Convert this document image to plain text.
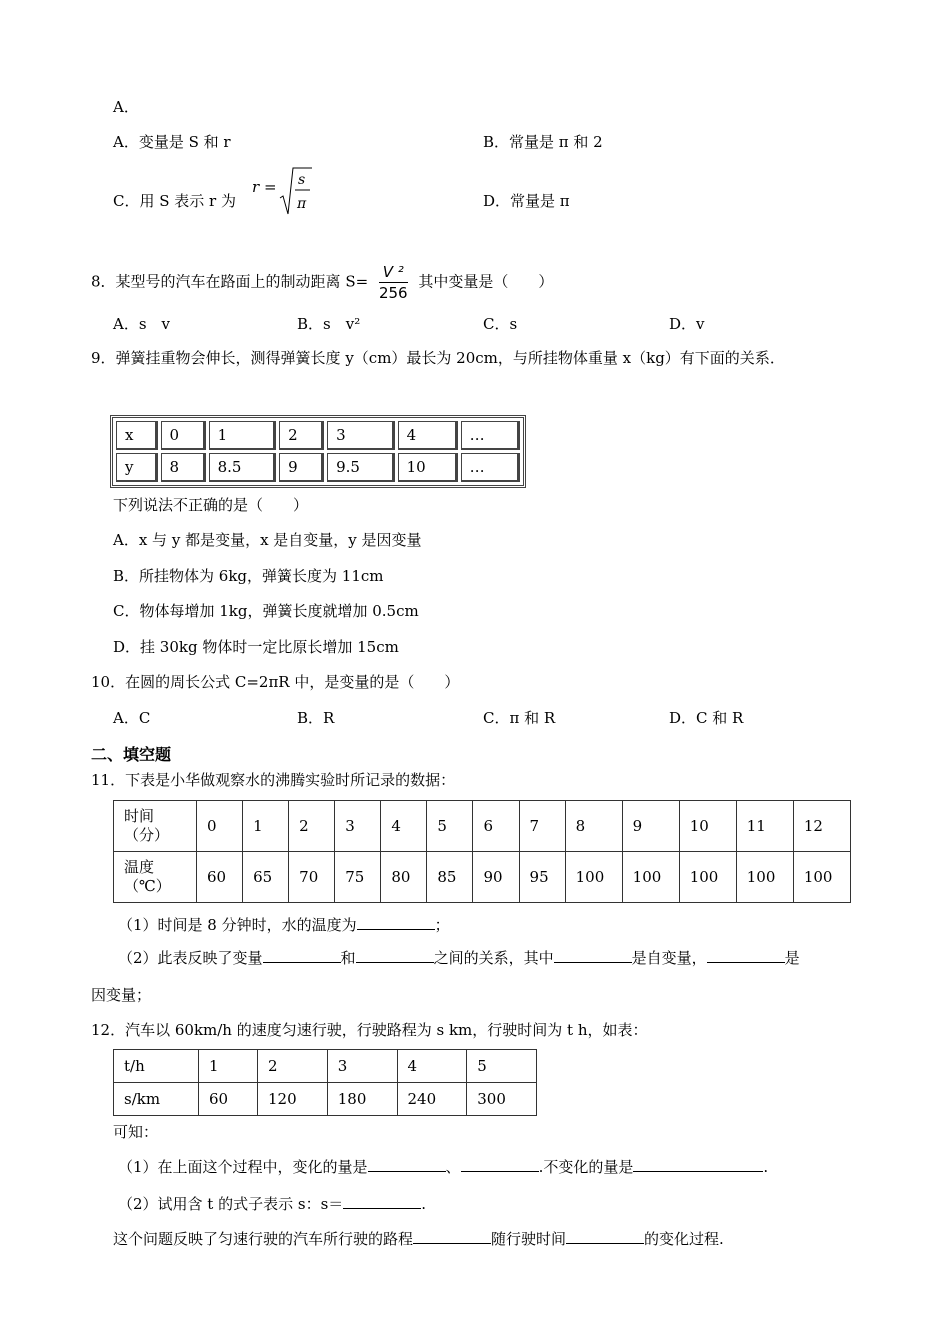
A．
A．变量是 S 和 r	B．常量是 π 和 2
C．用 S 表示 r 为
r = s
π	D．常量是 π
8．某型号的汽车在路面上的制动距离 $S= \frac{\text{V ²}}{256}$ 其中变量是（　　）
A．s　v	B．s　v²	C．s	D．v
9．弹簧挂重物会伸长，测得弹簧长度 y（cm）最长为 20cm，与所挂物体重量 x（kg）有下面的关系．
x	0	1	2	3	4	…
y	8	8.5	9	9.5	10	…
下列说法不正确的是（　　）
A．x 与 y 都是变量，x 是自变量，y 是因变量
B．所挂物体为 6kg，弹簧长度为 11cm
C．物体每增加 1kg，弹簧长度就增加 0.5cm
D．挂 30kg 物体时一定比原长增加 15cm
10．在圆的周长公式 C=2πR 中，是变量的是（　　）
A．C	B．R	C．π 和 R	D．C 和 R
二、填空题
11．下表是小华做观察水的沸腾实验时所记录的数据：
时间
（分）	0	1	2	3	4	5	6	7	8	9	10	11	12

温度
（℃）	60	65	70	75	80	85	90	95	100	100	100	100	100
（1）时间是 8 分钟时，水的温度为	；
（2）此表反映了变量	和	之间的关系，其中	是自变量，	是
因变量；
12．汽车以 60km/h 的速度匀速行驶，行驶路程为 s km，行驶时间为 t h，如表：
t/h	1	2	3	4	5
s/km	60	120	180	240	300
可知：
（1）在上面这个过程中，变化的量是	、	.不变化的量是	.
（2）试用含 t 的式子表示 s：s＝	.
这个问题反映了匀速行驶的汽车所行驶的路程	随行驶时间	的变化过程.
